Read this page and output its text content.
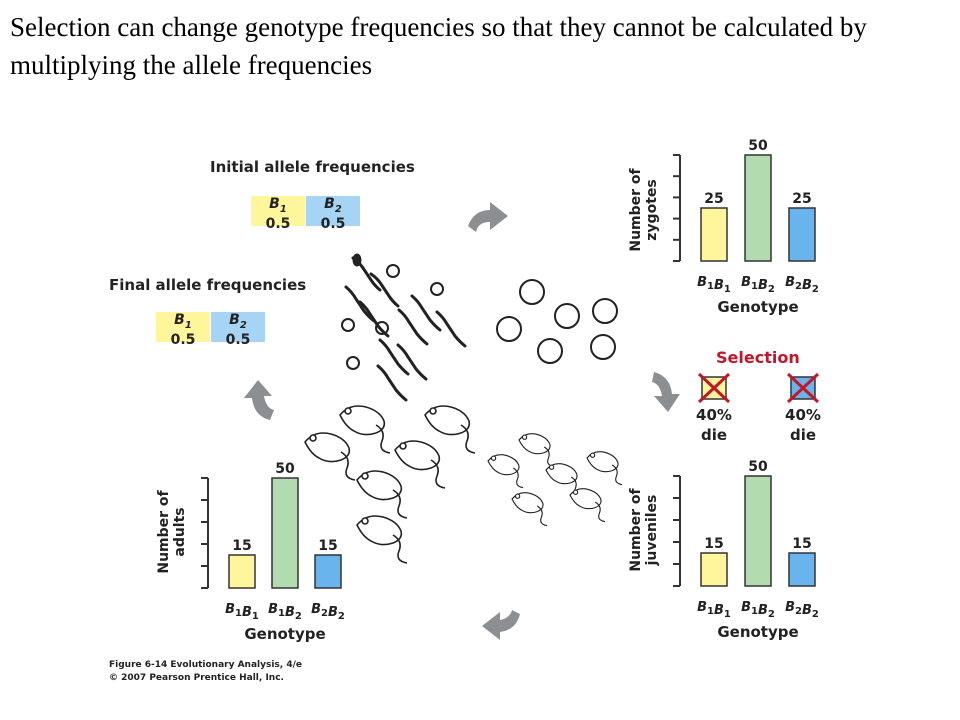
Selection can change genotype frequencies so that they cannot be calculated by multiplying the allele frequencies
Initial allele frequencies
$B_1$
0.5
$B_2$
0.5
Final allele frequencies
$B_1$
0.5
$B_2$
0.5
Selection
40%
die
40%
die
Number ofzygotes	25
$B_1B_1$
50
$B_1B_2$
25
$B_2B_2$
Genotype
Number ofjuveniles	15
$B_1B_1$
50
$B_1B_2$
15
$B_2B_2$
Genotype
Number ofadults	15
$B_1B_1$
50
$B_1B_2$
15
$B_2B_2$
Genotype
Figure 6-14 Evolutionary Analysis, 4/e
© 2007 Pearson Prentice Hall, Inc.
